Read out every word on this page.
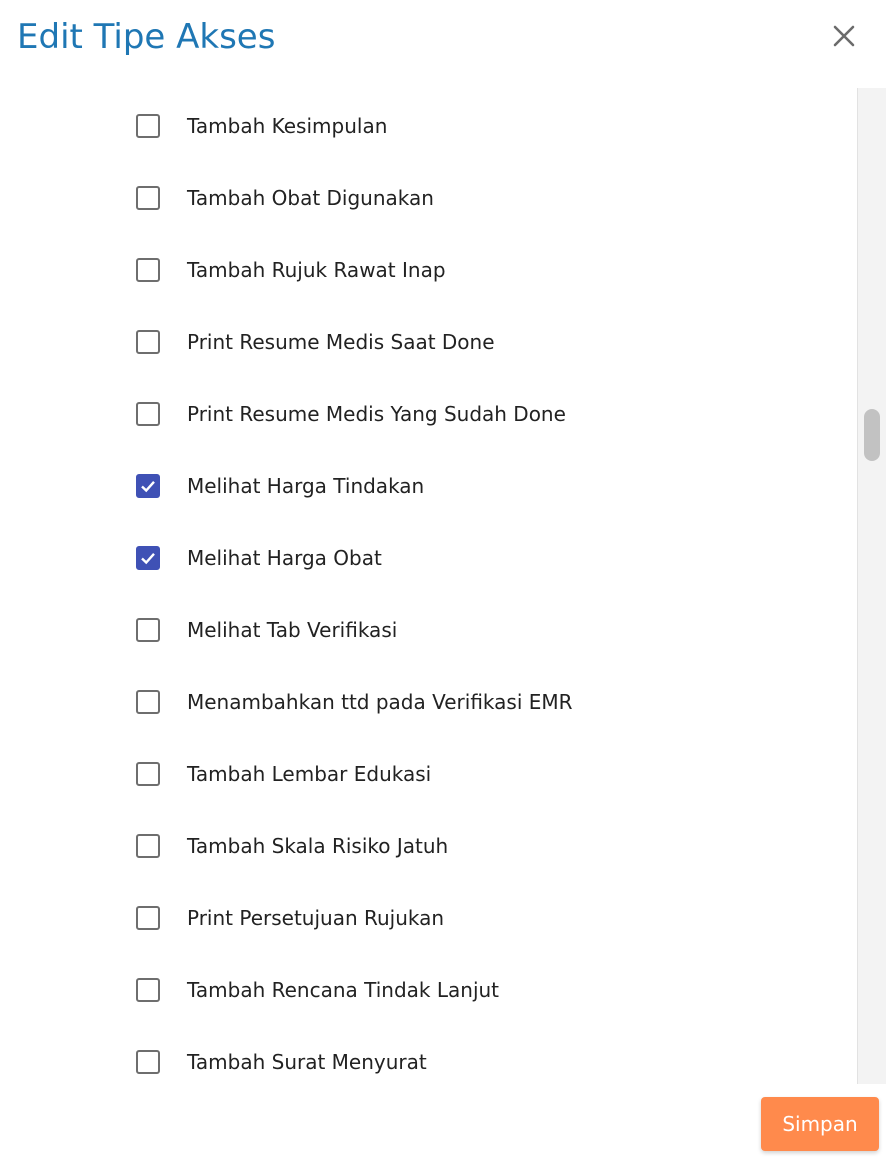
Edit Tipe Akses
Tambah Kesimpulan
Tambah Obat Digunakan
Tambah Rujuk Rawat Inap
Print Resume Medis Saat Done
Print Resume Medis Yang Sudah Done
Melihat Harga Tindakan
Melihat Harga Obat
Melihat Tab Verifikasi
Menambahkan ttd pada Verifikasi EMR
Tambah Lembar Edukasi
Tambah Skala Risiko Jatuh
Print Persetujuan Rujukan
Tambah Rencana Tindak Lanjut
Tambah Surat Menyurat
Simpan
